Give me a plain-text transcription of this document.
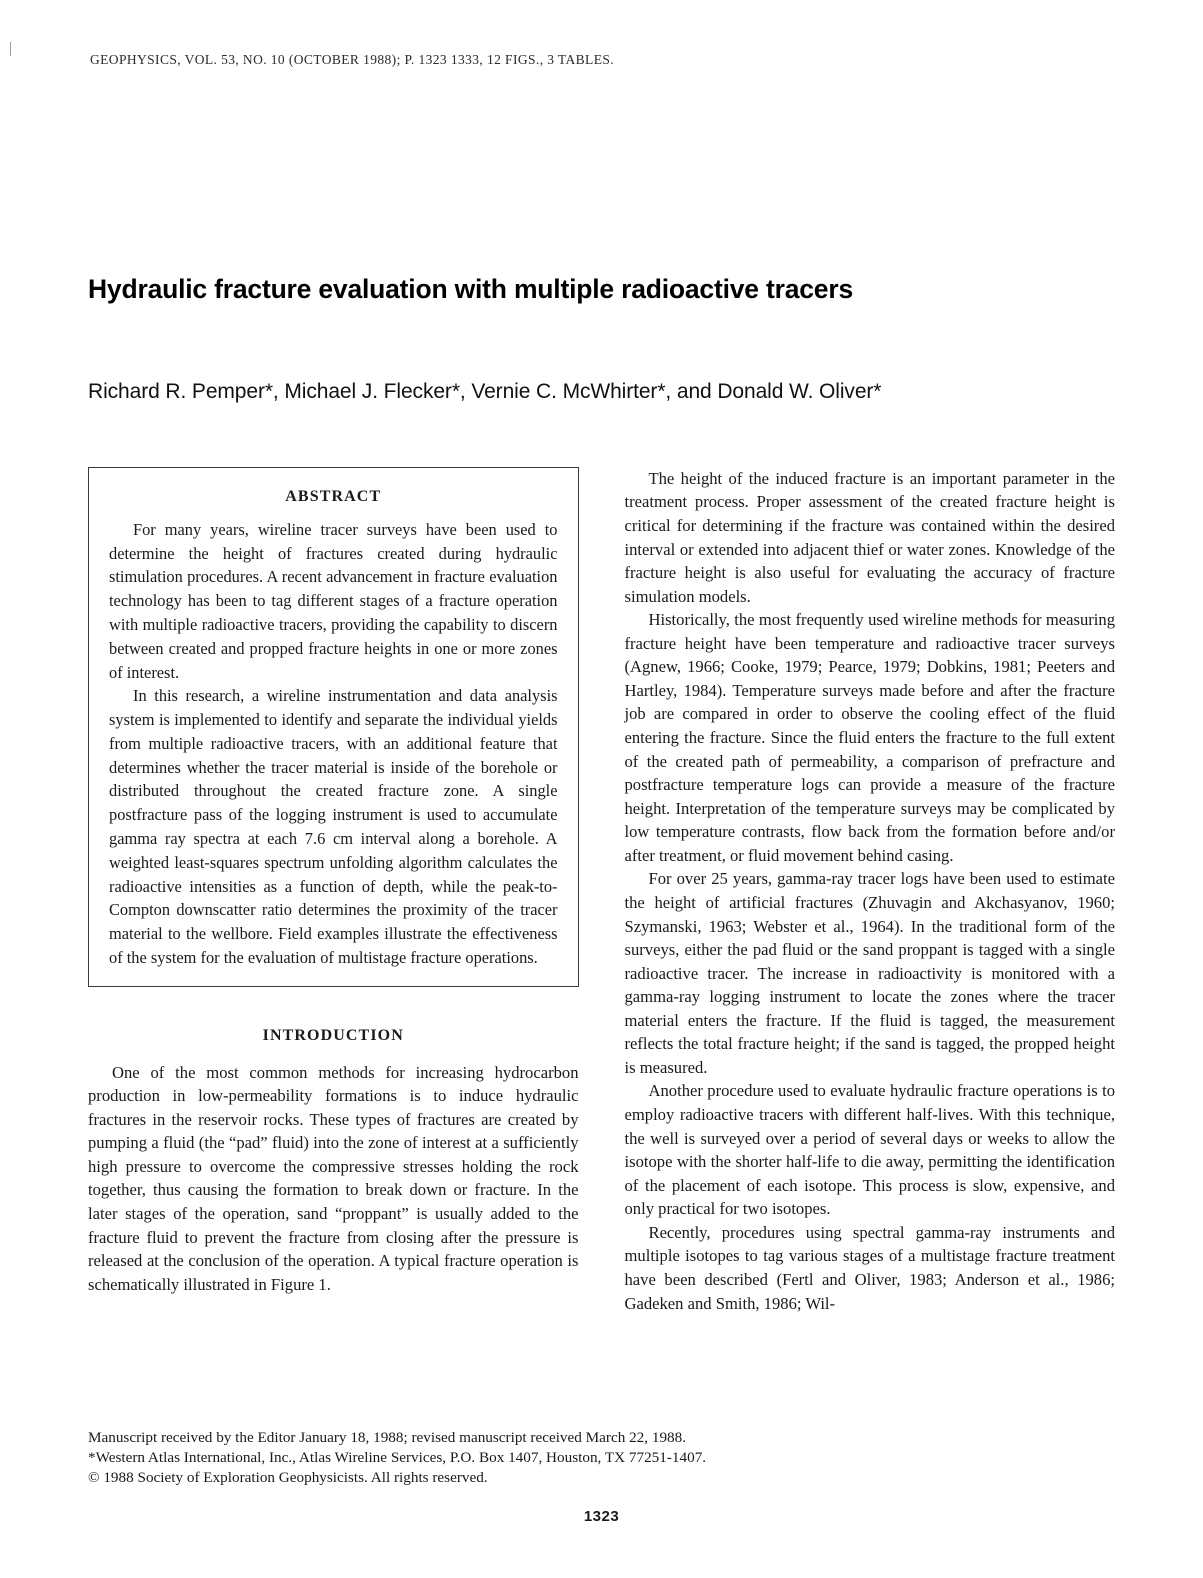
GEOPHYSICS, VOL. 53, NO. 10 (OCTOBER 1988); P. 1323 1333, 12 FIGS., 3 TABLES.
Hydraulic fracture evaluation with multiple radioactive tracers
Richard R. Pemper*, Michael J. Flecker*, Vernie C. McWhirter*, and Donald W. Oliver*
ABSTRACT

For many years, wireline tracer surveys have been used to determine the height of fractures created during hydraulic stimulation procedures. A recent advancement in fracture evaluation technology has been to tag different stages of a fracture operation with multiple radioactive tracers, providing the capability to discern between created and propped fracture heights in one or more zones of interest.

In this research, a wireline instrumentation and data analysis system is implemented to identify and separate the individual yields from multiple radioactive tracers, with an additional feature that determines whether the tracer material is inside of the borehole or distributed throughout the created fracture zone. A single postfracture pass of the logging instrument is used to accumulate gamma ray spectra at each 7.6 cm interval along a borehole. A weighted least-squares spectrum unfolding algorithm calculates the radioactive intensities as a function of depth, while the peak-to-Compton downscatter ratio determines the proximity of the tracer material to the wellbore. Field examples illustrate the effectiveness of the system for the evaluation of multistage fracture operations.

INTRODUCTION

One of the most common methods for increasing hydrocarbon production in low-permeability formations is to induce hydraulic fractures in the reservoir rocks. These types of fractures are created by pumping a fluid (the “pad” fluid) into the zone of interest at a sufficiently high pressure to overcome the compressive stresses holding the rock together, thus causing the formation to break down or fracture. In the later stages of the operation, sand “proppant” is usually added to the fracture fluid to prevent the fracture from closing after the pressure is released at the conclusion of the operation. A typical fracture operation is schematically illustrated in Figure 1.

The height of the induced fracture is an important parameter in the treatment process. Proper assessment of the created fracture height is critical for determining if the fracture was contained within the desired interval or extended into adjacent thief or water zones. Knowledge of the fracture height is also useful for evaluating the accuracy of fracture simulation models.

Historically, the most frequently used wireline methods for measuring fracture height have been temperature and radioactive tracer surveys (Agnew, 1966; Cooke, 1979; Pearce, 1979; Dobkins, 1981; Peeters and Hartley, 1984). Temperature surveys made before and after the fracture job are compared in order to observe the cooling effect of the fluid entering the fracture. Since the fluid enters the fracture to the full extent of the created path of permeability, a comparison of prefracture and postfracture temperature logs can provide a measure of the fracture height. Interpretation of the temperature surveys may be complicated by low temperature contrasts, flow back from the formation before and/or after treatment, or fluid movement behind casing.

For over 25 years, gamma-ray tracer logs have been used to estimate the height of artificial fractures (Zhuvagin and Akchasyanov, 1960; Szymanski, 1963; Webster et al., 1964). In the traditional form of the surveys, either the pad fluid or the sand proppant is tagged with a single radioactive tracer. The increase in radioactivity is monitored with a gamma-ray logging instrument to locate the zones where the tracer material enters the fracture. If the fluid is tagged, the measurement reflects the total fracture height; if the sand is tagged, the propped height is measured.

Another procedure used to evaluate hydraulic fracture operations is to employ radioactive tracers with different half-lives. With this technique, the well is surveyed over a period of several days or weeks to allow the isotope with the shorter half-life to die away, permitting the identification of the placement of each isotope. This process is slow, expensive, and only practical for two isotopes.

Recently, procedures using spectral gamma-ray instruments and multiple isotopes to tag various stages of a multistage fracture treatment have been described (Fertl and Oliver, 1983; Anderson et al., 1986; Gadeken and Smith, 1986; Wil-

Manuscript received by the Editor January 18, 1988; revised manuscript received March 22, 1988.
*Western Atlas International, Inc., Atlas Wireline Services, P.O. Box 1407, Houston, TX 77251-1407.
© 1988 Society of Exploration Geophysicists. All rights reserved.
1323
